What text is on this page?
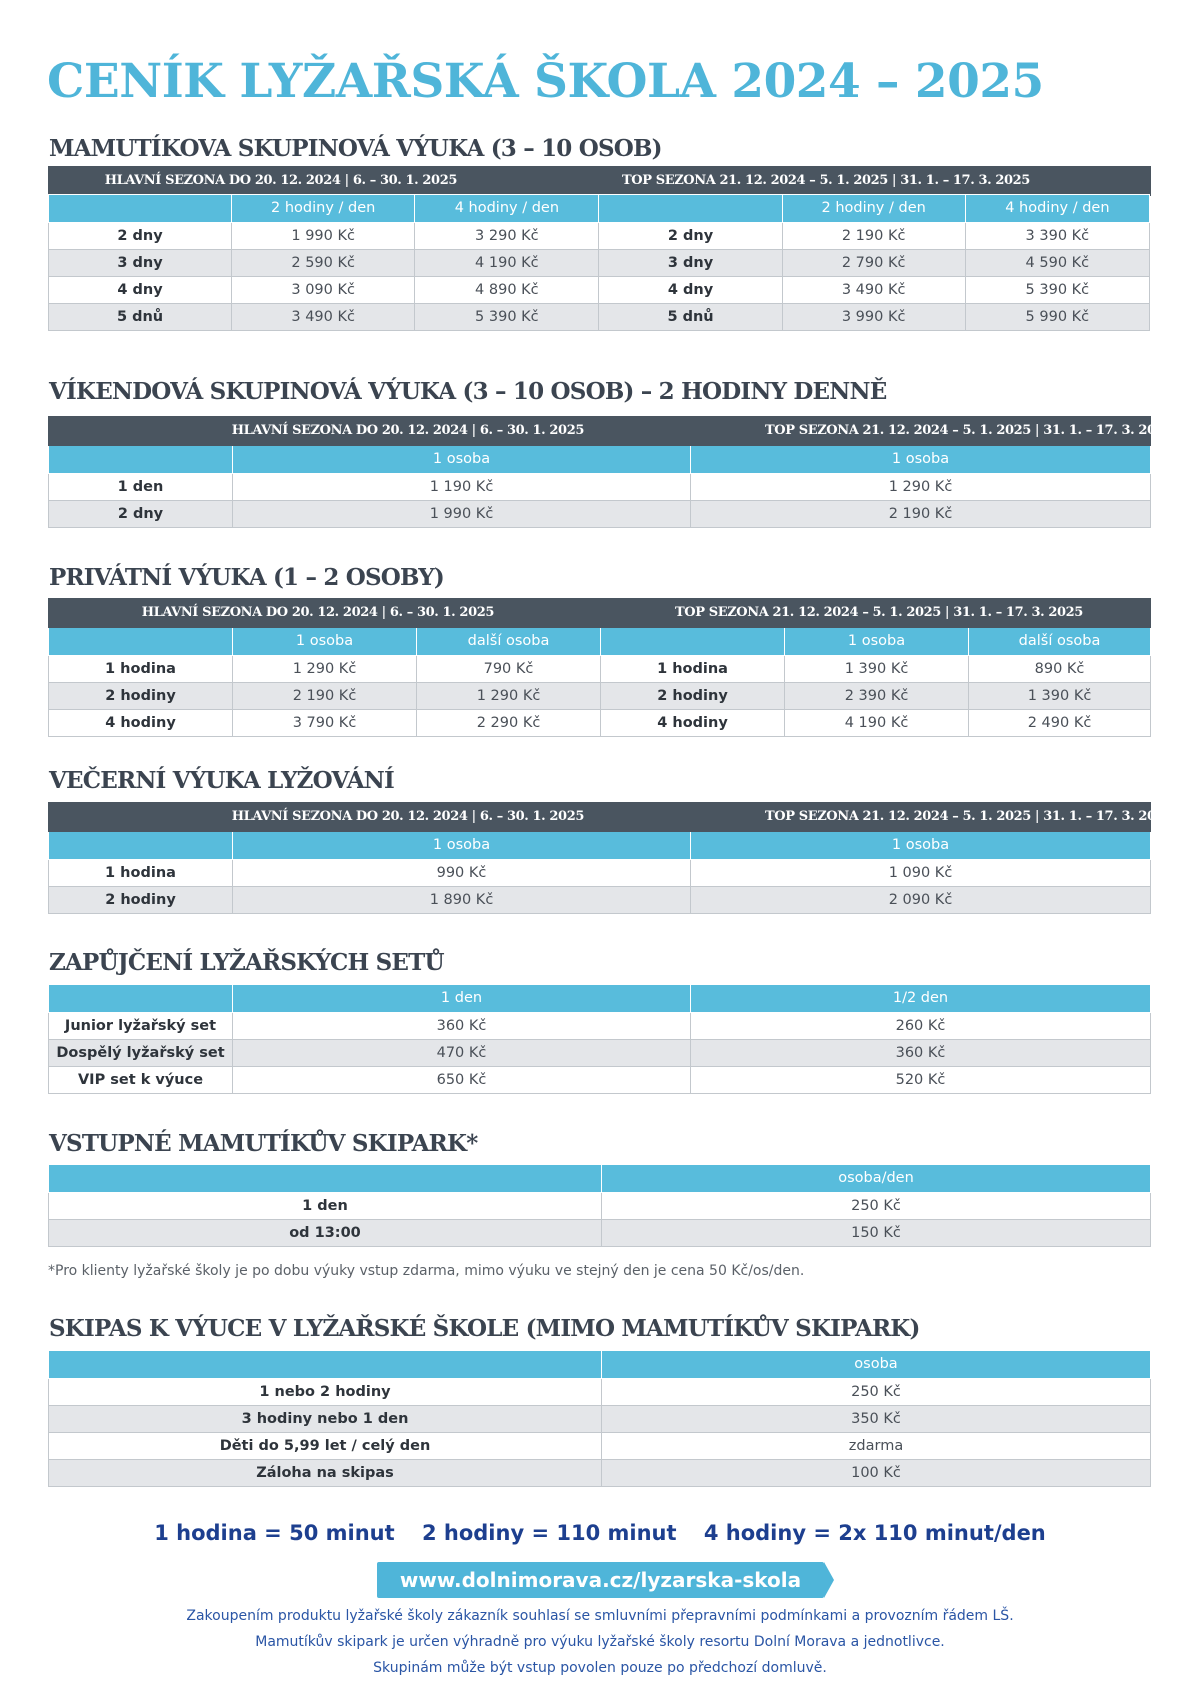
CENÍK LYŽAŘSKÁ ŠKOLA 2024 – 2025
MAMUTÍKOVA SKUPINOVÁ VÝUKA (3 – 10 OSOB)
HLAVNÍ SEZONA DO 20. 12. 2024 | 6. – 30. 1. 2025	TOP SEZONA 21. 12. 2024 – 5. 1. 2025 | 31. 1. – 17. 3. 2025
	2 hodiny / den	4 hodiny / den		2 hodiny / den	4 hodiny / den
2 dny	1 990 Kč	3 290 Kč	2 dny	2 190 Kč	3 390 Kč
3 dny	2 590 Kč	4 190 Kč	3 dny	2 790 Kč	4 590 Kč
4 dny	3 090 Kč	4 890 Kč	4 dny	3 490 Kč	5 390 Kč
5 dnů	3 490 Kč	5 390 Kč	5 dnů	3 990 Kč	5 990 Kč
VÍKENDOVÁ SKUPINOVÁ VÝUKA (3 – 10 OSOB) – 2 HODINY DENNĚ
HLAVNÍ SEZONA DO 20. 12. 2024 | 6. – 30. 1. 2025		TOP SEZONA 21. 12. 2024 – 5. 1. 2025 | 31. 1. – 17. 3. 2025
	1 osoba	1 osoba
1 den	1 190 Kč	1 290 Kč
2 dny	1 990 Kč	2 190 Kč
PRIVÁTNÍ VÝUKA (1 – 2 OSOBY)
HLAVNÍ SEZONA DO 20. 12. 2024 | 6. – 30. 1. 2025			TOP SEZONA 21. 12. 2024 – 5. 1. 2025 | 31. 1. – 17. 3. 2025		
	1 osoba	další osoba		1 osoba	další osoba
1 hodina	1 290 Kč	790 Kč	1 hodina	1 390 Kč	890 Kč
2 hodiny	2 190 Kč	1 290 Kč	2 hodiny	2 390 Kč	1 390 Kč
4 hodiny	3 790 Kč	2 290 Kč	4 hodiny	4 190 Kč	2 490 Kč
VEČERNÍ VÝUKA LYŽOVÁNÍ
HLAVNÍ SEZONA DO 20. 12. 2024 | 6. – 30. 1. 2025		TOP SEZONA 21. 12. 2024 – 5. 1. 2025 | 31. 1. – 17. 3. 2025
	1 osoba	1 osoba
1 hodina	990 Kč	1 090 Kč
2 hodiny	1 890 Kč	2 090 Kč
ZAPŮJČENÍ LYŽAŘSKÝCH SETŮ
	1 den	1/2 den
Junior lyžařský set	360 Kč	260 Kč
Dospělý lyžařský set	470 Kč	360 Kč
VIP set k výuce	650 Kč	520 Kč
VSTUPNÉ MAMUTÍKŮV SKIPARK*
	osoba/den
1 den	250 Kč
od 13:00	150 Kč
*Pro klienty lyžařské školy je po dobu výuky vstup zdarma, mimo výuku ve stejný den je cena 50 Kč/os/den.
SKIPAS K VÝUCE V LYŽAŘSKÉ ŠKOLE (MIMO MAMUTÍKŮV SKIPARK)
	osoba
1 nebo 2 hodiny	250 Kč
3 hodiny nebo 1 den	350 Kč
Děti do 5,99 let / celý den	zdarma
Záloha na skipas	100 Kč
1 hodina = 50 minut 2 hodiny = 110 minut 4 hodiny = 2x 110 minut/den
www.dolnimorava.cz/lyzarska-skola
Zakoupením produktu lyžařské školy zákazník souhlasí se smluvními přepravními podmínkami a provozním řádem LŠ.
Mamutíkův skipark je určen výhradně pro výuku lyžařské školy resortu Dolní Morava a jednotlivce.
Skupinám může být vstup povolen pouze po předchozí domluvě.
